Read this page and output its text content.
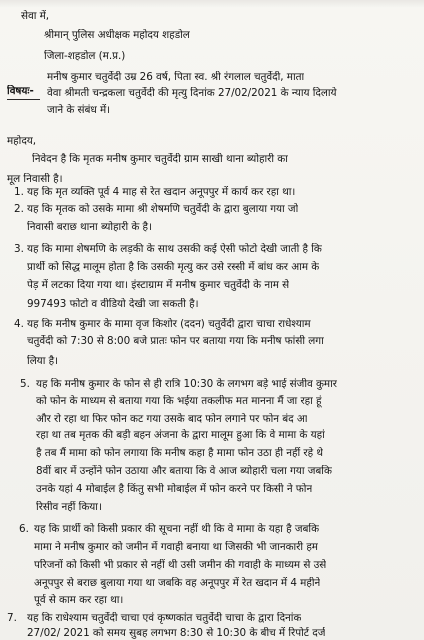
सेवा में,
श्रीमान् पुलिस अधीक्षक महोदय शहडोल
जिला-शहडोल (म.प्र.)
विषयः-
मनीष कुमार चतुर्वेदी उम्र 26 वर्ष, पिता स्व. श्री रंगलाल चतुर्वेदी, माता
वेवा श्रीमती चन्द्रकला चतुर्वेदी की मृत्यु दिनांक 27/02/2021 के न्याय दिलाये
जाने के संबंध में।
महोदय,
निवेदन है कि मृतक मनीष कुमार चतुर्वेदी ग्राम साखी थाना ब्योहारी का
मूल निवासी है।
1. यह कि मृत व्यक्ति पूर्व 4 माह से रेत खदान अनूपपुर में कार्य कर रहा था।
2. यह कि मृतक को उसके मामा श्री शेषमणि चतुर्वेदी के द्वारा बुलाया गया जो
निवासी बराछ थाना ब्योहारी के है।
3. यह कि मामा शेषमणि के लड़की के साथ उसकी कई ऐसी फोटो देखी जाती है कि
प्रार्थी को सिद्ध मालूम होता है कि उसकी मृत्यु कर उसे रस्सी में बांध कर आम के
पेड़ में लटका दिया गया था। इंस्टाग्राम में मनीष कुमार चतुर्वेदी के नाम से
997493 फोटो व वीडियो देखी जा सकती है।
4. यह कि मनीष कुमार के मामा वृज किशोर (ददन) चतुर्वेदी द्वारा चाचा राधेश्याम
चतुर्वेदी को 7:30 से 8:00 बजे प्रातः फोन पर बताया गया कि मनीष फांसी लगा
लिया है।
5. यह कि मनीष कुमार के फोन से ही रात्रि 10:30 के लगभग बड़े भाई संजीव कुमार
को फोन के माध्यम से बताया गया कि भईया तकलीफ मत मानना मैं जा रहा हूं
और रो रहा था फिर फोन कट गया उसके बाद फोन लगाने पर फोन बंद आ
रहा था तब मृतक की बड़ी बहन अंजना के द्वारा मालूम हुआ कि वे मामा के यहां
है तब मैं मामा को फोन लगाया कि मनीष कहा है मामा फोन उठा ही नहीं रहे थे
8वीं बार में उन्होंने फोन उठाया और बताया कि वे आज ब्योहारी चला गया जबकि
उनके यहां 4 मोबाईल है किंतु सभी मोबाईल में फोन करने पर किसी ने फोन
रिसीव नहीं किया।
6. यह कि प्रार्थी को किसी प्रकार की सूचना नहीं थी कि वे मामा के यहा है जबकि
मामा ने मनीष कुमार को जमीन में गवाही बनाया था जिसकी भी जानकारी हम
परिजनों को किसी भी प्रकार से नहीं थी उसी जमीन की गवाही के माध्यम से उसे
अनूपपुर से बराछ बुलाया गया था जबकि वह अनूपपुर में रेत खदान में 4 महीने
पूर्व से काम कर रहा था।
7. यह कि राधेश्याम चतुर्वेदी चाचा एवं कृष्णकांत चतुर्वेदी चाचा के द्वारा दिनांक
27/02/ 2021 को समय सुबह लगभग 8:30 से 10:30 के बीच में रिपोर्ट दर्ज
